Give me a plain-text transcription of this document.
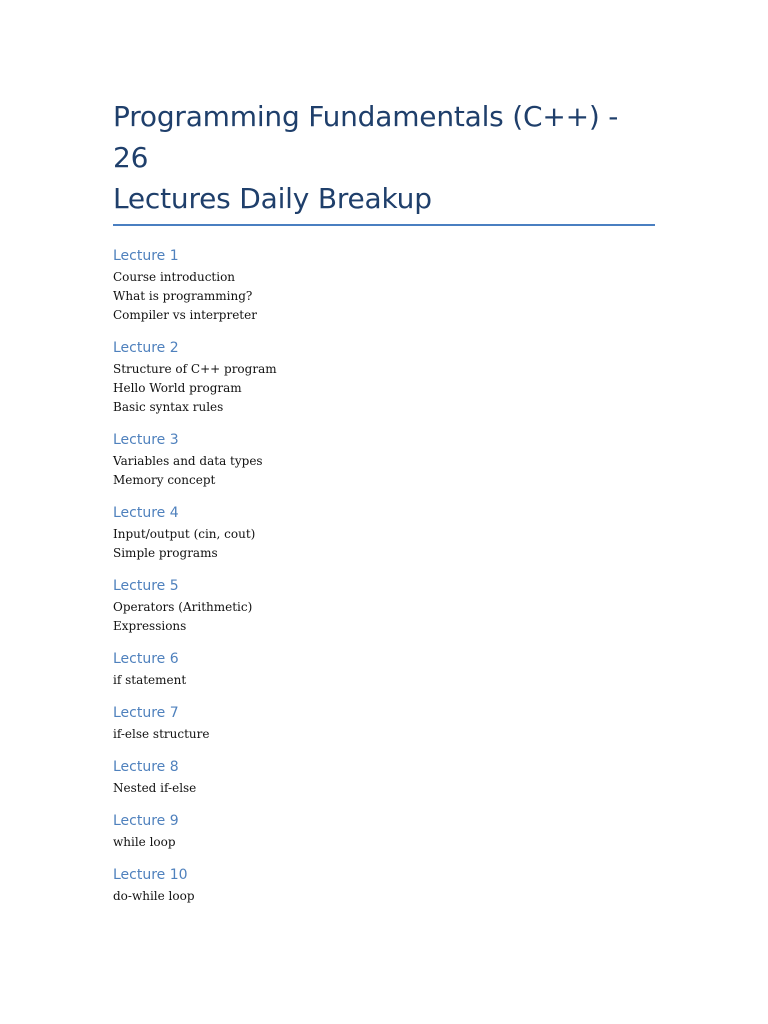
Programming Fundamentals (C++) - 26
Lectures Daily Breakup
Lecture 1
Course introduction
What is programming?
Compiler vs interpreter
Lecture 2
Structure of C++ program
Hello World program
Basic syntax rules
Lecture 3
Variables and data types
Memory concept
Lecture 4
Input/output (cin, cout)
Simple programs
Lecture 5
Operators (Arithmetic)
Expressions
Lecture 6
if statement
Lecture 7
if-else structure
Lecture 8
Nested if-else
Lecture 9
while loop
Lecture 10
do-while loop
